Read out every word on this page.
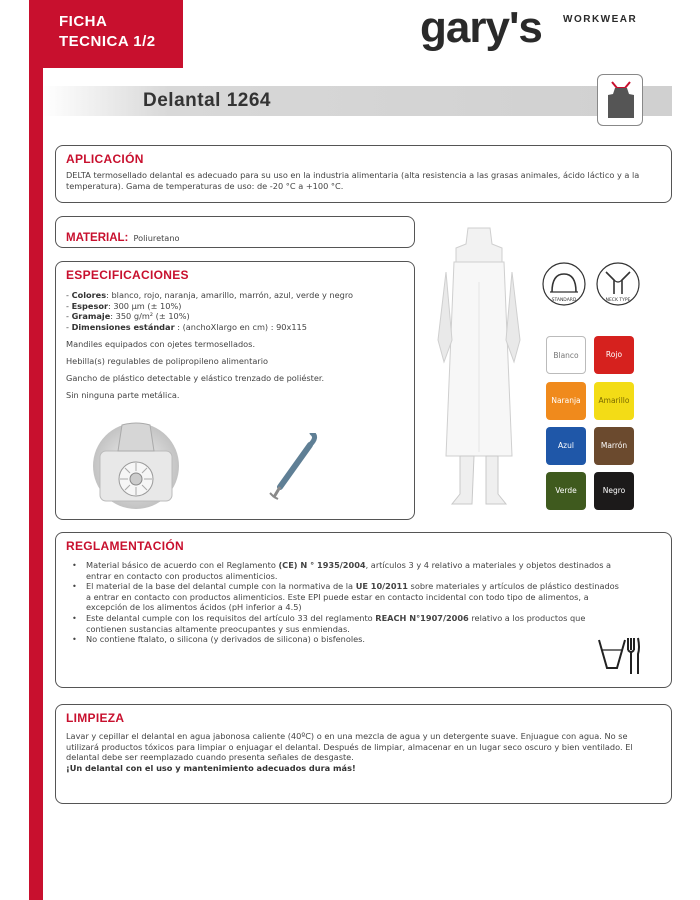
FICHA
TECNICA 1/2	gary's WORKWEAR
Delantal 1264
APLICACIÓN

DELTA termosellado delantal es adecuado para su uso en la industria alimentaria (alta resistencia a las grasas animales, ácido láctico y a la temperatura). Gama de temperaturas de uso: de -20 °C a +100 °C.

MATERIAL: Poliuretano
ESPECIFICACIONES
- Colores: blanco, rojo, naranja, amarillo, marrón, azul, verde y negro
- Espesor: 300 µm (± 10%)
- Gramaje: 350 g/m² (± 10%)
- Dimensiones estándar : (anchoXlargo en cm) : 90x115

Mandiles equipados con ojetes termosellados.

Hebilla(s) regulables de polipropileno alimentario

Gancho de plástico detectable y elástico trenzado de poliéster.

Sin ninguna parte metálica.

STANDARD	NECK TYPE
Blanco	Rojo
Naranja	Amarillo
Azul	Marrón
Verde	Negro
REGLAMENTACIÓN
• Material básico de acuerdo con el Reglamento (CE) N ° 1935/2004, artículos 3 y 4 relativo a materiales y objetos destinados a entrar en contacto con productos alimenticios.
• El material de la base del delantal cumple con la normativa de la UE 10/2011 sobre materiales y artículos de plástico destinados a entrar en contacto con productos alimenticios. Este EPI puede estar en contacto incidental con todo tipo de alimentos, a excepción de los alimentos ácidos (pH inferior a 4.5)
• Este delantal cumple con los requisitos del artículo 33 del reglamento REACH N°1907/2006 relativo a los productos que contienen sustancias altamente preocupantes y sus enmiendas.
• No contiene ftalato, o silicona (y derivados de silicona) o bisfenoles.
LIMPIEZA

Lavar y cepillar el delantal en agua jabonosa caliente (40ºC) o en una mezcla de agua y un detergente suave. Enjuague con agua. No se utilizará productos tóxicos para limpiar o enjuagar el delantal. Después de limpiar, almacenar en un lugar seco oscuro y bien ventilado. El delantal debe ser reemplazado cuando presenta señales de desgaste.

¡Un delantal con el uso y mantenimiento adecuados dura más!
